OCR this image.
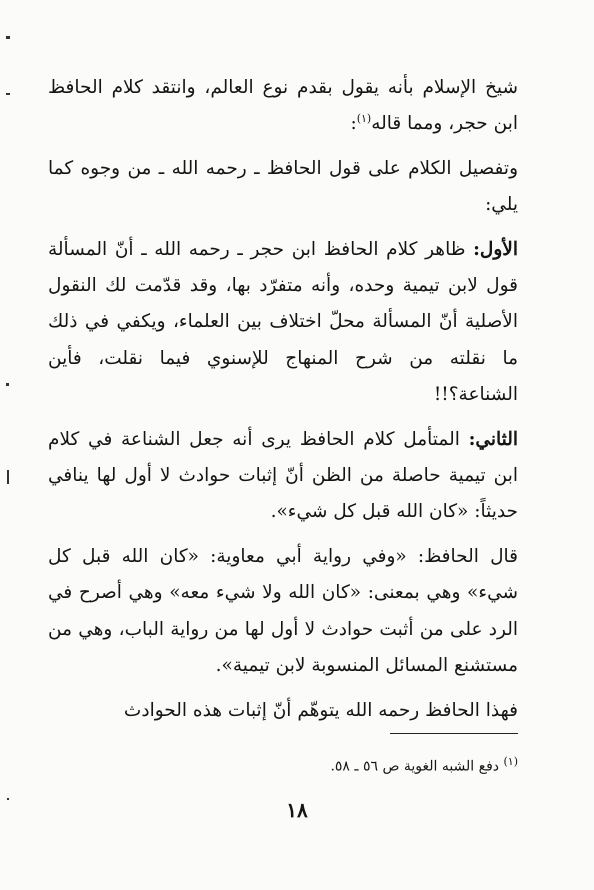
شيخ الإسلام بأنه يقول بقدم نوع العالم، وانتقد كلام الحافظ ابن حجر، ومما قاله$^{(١)}$:

وتفصيل الكلام على قول الحافظ ـ رحمه الله ـ من وجوه كما يلي:

الأول: ظاهر كلام الحافظ ابن حجر ـ رحمه الله ـ أنّ المسألة قول لابن تيمية وحده، وأنه متفرّد بها، وقد قدّمت لك النقول الأصلية أنّ المسألة محلّ اختلاف بين العلماء، ويكفي في ذلك ما نقلته من شرح المنهاج للإسنوي فيما نقلت، فأين الشناعة؟!!

الثاني: المتأمل كلام الحافظ يرى أنه جعل الشناعة في كلام ابن تيمية حاصلة من الظن أنّ إثبات حوادث لا أول لها ينافي حديثاً: «كان الله قبل كل شيء».

قال الحافظ: «وفي رواية أبي معاوية: «كان الله قبل كل شيء» وهي بمعنى: «كان الله ولا شيء معه» وهي أصرح في الرد على من أثبت حوادث لا أول لها من رواية الباب، وهي من مستشنع المسائل المنسوبة لابن تيمية».

فهذا الحافظ رحمه الله يتوهّم أنّ إثبات هذه الحوادث

$^{(١)}$ دفع الشبه الغوية ص ٥٦ ـ ٥٨.
١٨
